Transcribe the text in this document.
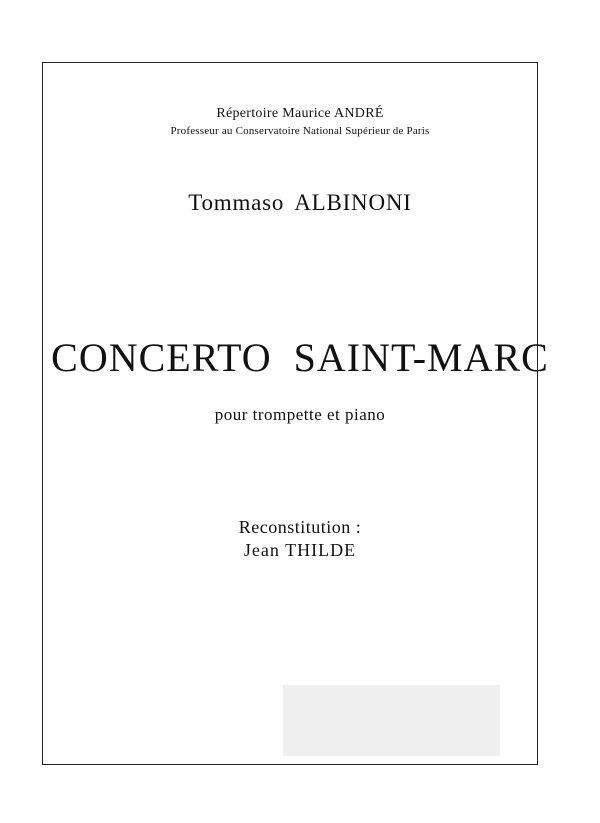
Répertoire Maurice ANDRÉ
Professeur au Conservatoire National Supérieur de Paris
Tommaso ALBINONI
CONCERTO SAINT-MARC
pour trompette et piano
Reconstitution :
Jean THILDE
